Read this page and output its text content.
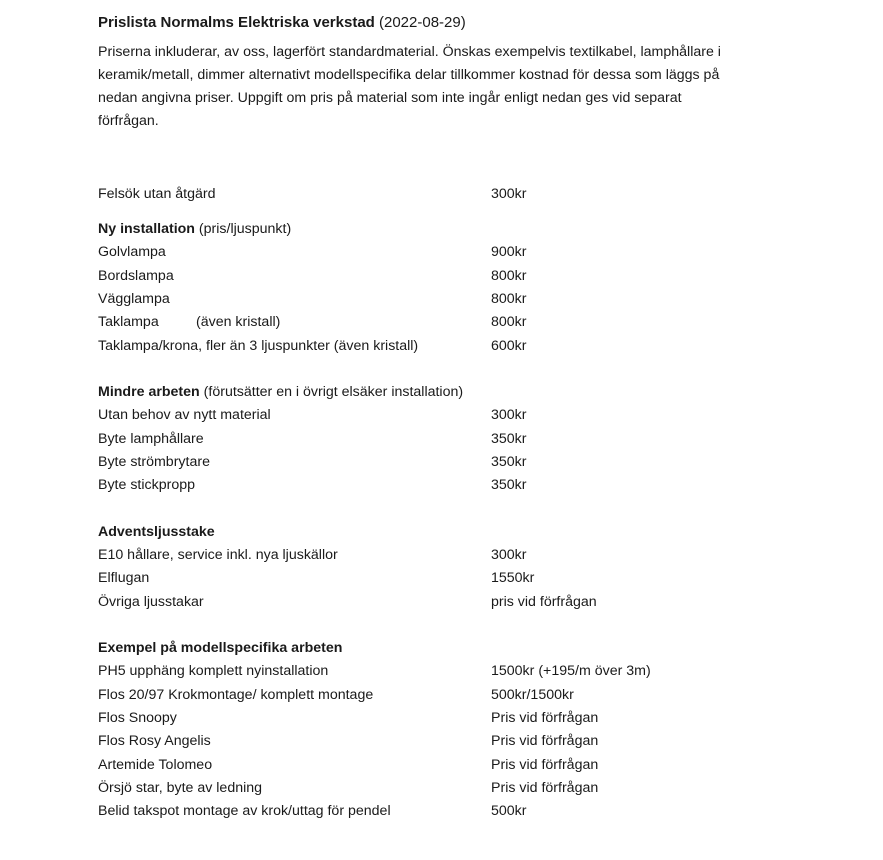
Prislista Normalms Elektriska verkstad (2022-08-29)

Priserna inkluderar, av oss, lagerfört standardmaterial. Önskas exempelvis textilkabel, lamphållare i
keramik/metall, dimmer alternativt modellspecifika delar tillkommer kostnad för dessa som läggs på
nedan angivna priser. Uppgift om pris på material som inte ingår enligt nedan ges vid separat
förfrågan.
Felsök utan åtgärd	300kr
Ny installation (pris/ljuspunkt)
Golvlampa	900kr
Bordslampa	800kr
Vägglampa	800kr
Taklampa	(även kristall)	800kr
Taklampa/krona, fler än 3 ljuspunkter (även kristall)	600kr
Mindre arbeten (förutsätter en i övrigt elsäker installation)
Utan behov av nytt material	300kr
Byte lamphållare	350kr
Byte strömbrytare	350kr
Byte stickpropp	350kr
Adventsljusstake
E10 hållare, service inkl. nya ljuskällor	300kr
Elflugan	1550kr
Övriga ljusstakar	pris vid förfrågan
Exempel på modellspecifika arbeten
PH5 upphäng komplett nyinstallation	1500kr (+195/m över 3m)
Flos 20/97 Krokmontage/ komplett montage	500kr/1500kr
Flos Snoopy	Pris vid förfrågan
Flos Rosy Angelis	Pris vid förfrågan
Artemide Tolomeo	Pris vid förfrågan
Örsjö star, byte av ledning	Pris vid förfrågan
Belid takspot montage av krok/uttag för pendel	500kr
